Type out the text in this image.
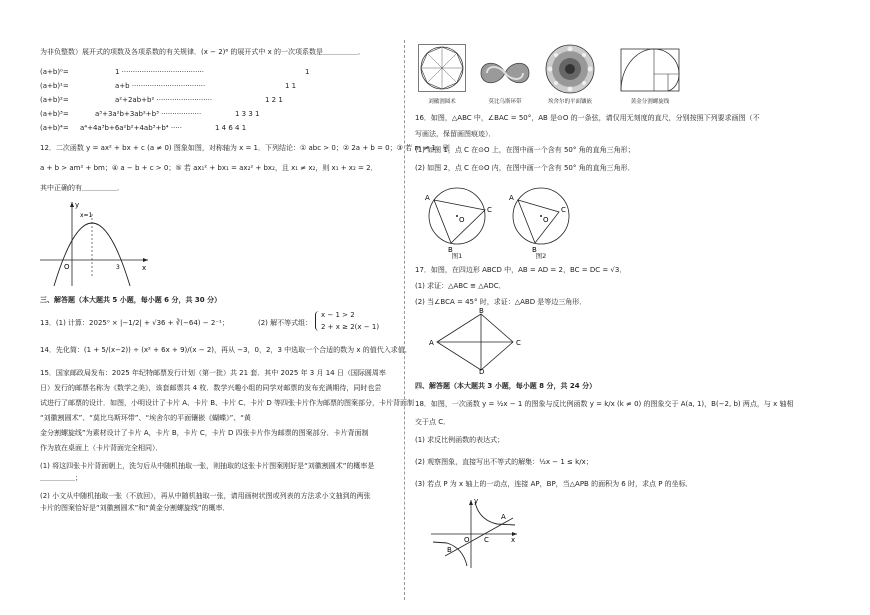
为非负整数）展开式的项数及各项系数的有关规律．(x − 2)⁶ 的展开式中 x 的一次项系数是＿＿＿＿＿．
(a+b)⁰=	1 ·····································	1
(a+b)¹=	a+b ·································	1 1
(a+b)²=	a²+2ab+b² ·························	1 2 1
(a+b)³=	a³+3a²b+3ab²+b³ ··················	1 3 3 1
(a+b)⁴= a⁴+4a³b+6a²b²+4ab³+b⁴ ·····	1 4 6 4 1
12．二次函数 y = ax² + bx + c (a ≠ 0) 图象如图，对称轴为 x = 1．下列结论：① abc > 0；② 2a + b = 0；③ 若 m ≠ 1，则
a + b > am² + bm；④ a − b + c > 0；⑤ 若 ax₁² + bx₁ = ax₂² + bx₂，且 x₁ ≠ x₂，则 x₁ + x₂ = 2．
其中正确的有＿＿＿＿＿．
y
x
O
x=1
3
三、解答题（本大题共 5 小题，每小题 6 分，共 30 分）
13．(1) 计算：2025⁰ × |−1/2| + √36 + ∛(−64) − 2⁻¹；	(2) 解不等式组：
x − 1 > 2
2 + x ≥ 2(x − 1)
14．先化简：(1 + 5/(x−2)) ÷ (x² + 6x + 9)/(x − 2)，再从 −3，0，2，3 中选取一个合适的数为 x 的值代入求值．
15．国家邮政局发布：2025 年纪特邮票发行计划（第一批）共 21 套．其中 2025 年 3 月 14 日（国际圆周率
日）发行的邮票名称为《数学之美》，该套邮票共 4 枚．数学兴趣小组的同学对邮票的发布充满期待，同时也尝
试进行了邮票的设计．如图，小明设计了卡片 A、卡片 B、卡片 C、卡片 D 等四张卡片作为邮票的图案部分，卡片背面制
“刘徽割圆术”、“莫比乌斯环带”、“埃舍尔的平面镶嵌《蝴蝶》”、“黄
金分割螺旋线”为素材设计了卡片 A，卡片 B，卡片 C，卡片 D 四张卡片作为邮票的图案部分．卡片背面制
作为放在桌面上（卡片背面完全相同）．
(1) 将这四张卡片背面朝上，洗匀后从中随机抽取一张，则抽取的这张卡片图案刚好是“刘徽割圆术”的概率是
＿＿＿＿＿；
(2) 小文从中随机抽取一张（不放回），再从中随机抽取一张，请用画树状图或列表的方法求小文抽到的两张
卡片的图案恰好是“刘徽割圆术”和“黄金分割螺旋线”的概率．
刘徽割圆术	莫比乌斯环带	埃舍尔的平面镶嵌	黄金分割螺旋线
16．如图，△ABC 中，∠BAC = 50°，AB 是⊙O 的一条弦，请仅用无刻度的直尺，分别按照下列要求画图（不
写画法，保留画图痕迹）．
(1) 如图 1，点 C 在⊙O 上，在图中画一个含有 50° 角的直角三角形；
(2) 如图 2，点 C 在⊙O 内，在图中画一个含有 50° 角的直角三角形．
A
C
B
O
图1
A
C
B
O
图2
17．如图，在四边形 ABCD 中，AB = AD = 2，BC = DC = √3．
(1) 求证：△ABC ≌ △ADC．
(2) 当∠BCA = 45° 时，求证：△ABD 是等边三角形．
A
B
C
D
四、解答题（本大题共 3 小题，每小题 8 分，共 24 分）
18．如图，一次函数 y = ½x − 1 的图象与反比例函数 y = k/x (k ≠ 0) 的图象交于 A(a, 1)，B(−2, b) 两点，与 x 轴相
交于点 C．
(1) 求反比例函数的表达式；
(2) 观察图象，直接写出不等式的解集：½x − 1 ≤ k/x；
(3) 若点 P 为 x 轴上的一动点，连接 AP，BP，当△APB 的面积为 6 时，求点 P 的坐标．
y
x
O
A
B
C
